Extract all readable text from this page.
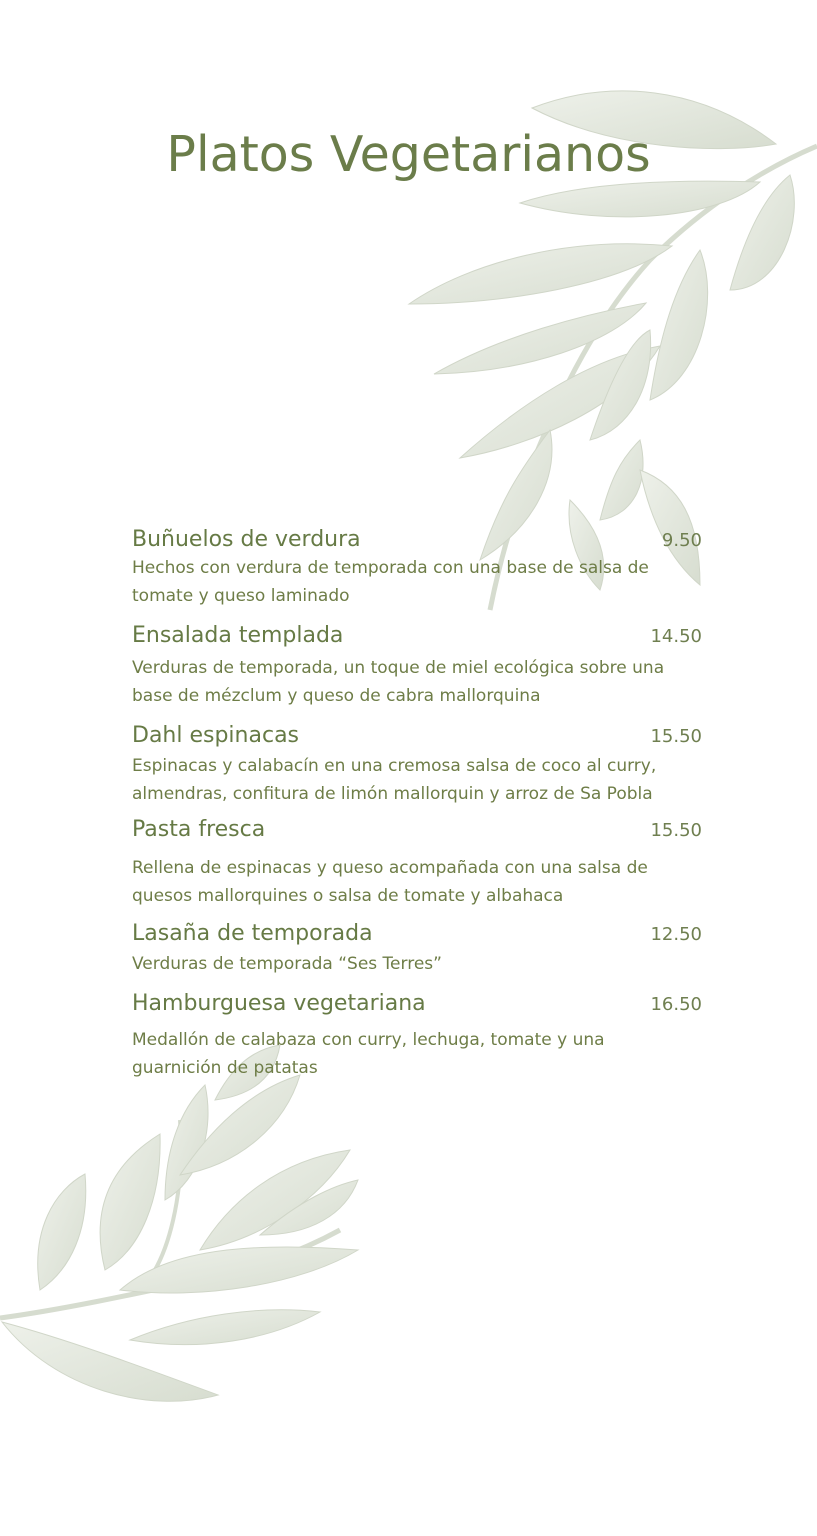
Platos Vegetarianos
Buñuelos de verdura	9.50

Hechos con verdura de temporada con una base de salsa de tomate y queso laminado

Ensalada templada	14.50

Verduras de temporada, un toque de miel ecológica sobre una base de mézclum y queso de cabra mallorquina

Dahl espinacas	15.50

Espinacas y calabacín en una cremosa salsa de coco al curry, almendras, confitura de limón mallorquin y arroz de Sa Pobla

Pasta fresca	15.50

Rellena de espinacas y queso acompañada con una salsa de quesos mallorquines o salsa de tomate y albahaca

Lasaña de temporada	12.50

Verduras de temporada “Ses Terres”

Hamburguesa vegetariana	16.50

Medallón de calabaza con curry, lechuga, tomate y una guarnición de patatas
